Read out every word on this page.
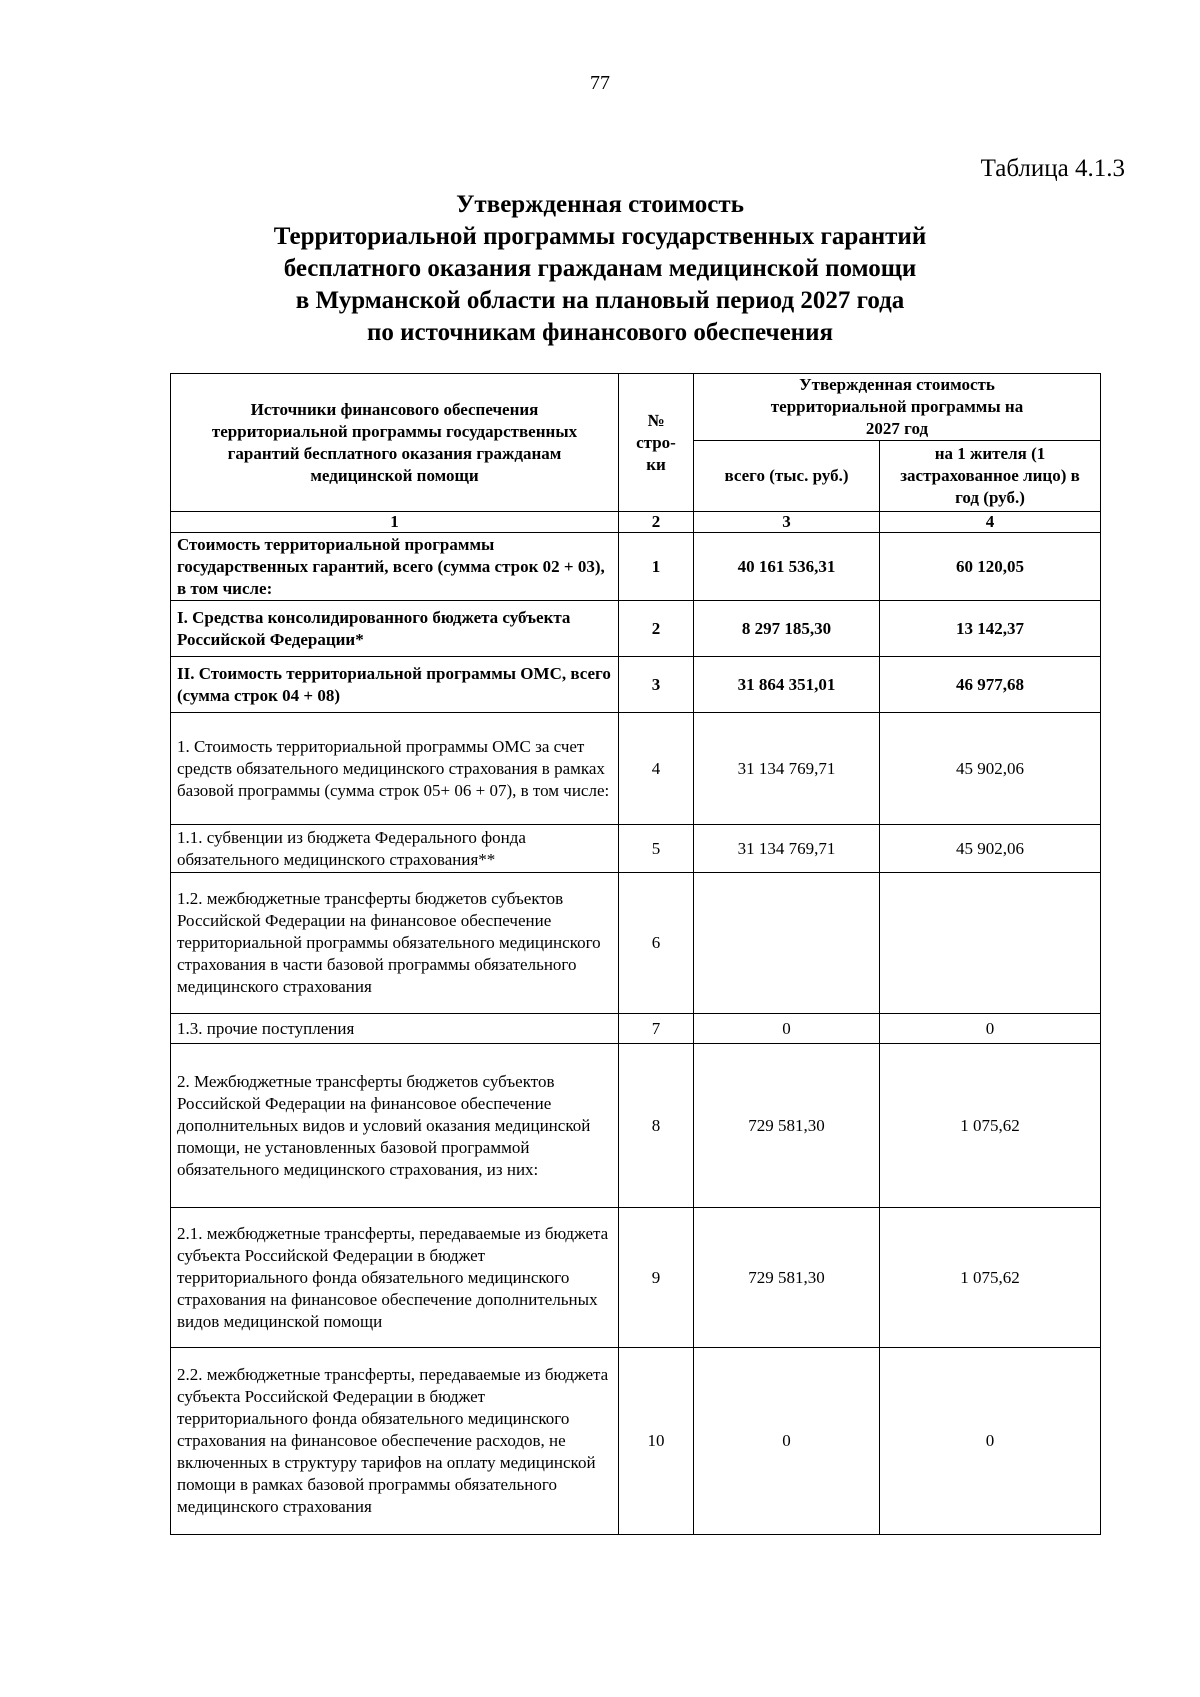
77
Таблица 4.1.3
Утвержденная стоимость
Территориальной программы государственных гарантий
бесплатного оказания гражданам медицинской помощи
в Мурманской области на плановый период 2027 года
по источникам финансового обеспечения
Источники финансового обеспечения территориальной программы государственных гарантий бесплатного оказания гражданам медицинской помощи	№ стро-ки	Утвержденная стоимость территориальной программы на 2027 год	
		всего (тыс. руб.)	на 1 жителя (1 застрахованное лицо) в год (руб.)
1	2	3	4
Стоимость территориальной программы государственных гарантий, всего (сумма строк 02 + 03), в том числе:	1	40 161 536,31	60 120,05
I. Средства консолидированного бюджета субъекта Российской Федерации*	2	8 297 185,30	13 142,37
II. Стоимость территориальной программы ОМС, всего (сумма строк 04 + 08)	3	31 864 351,01	46 977,68
1. Стоимость территориальной программы ОМС за счет средств обязательного медицинского страхования в рамках базовой программы (сумма строк 05+ 06 + 07), в том числе:	4	31 134 769,71	45 902,06
1.1. субвенции из бюджета Федерального фонда обязательного медицинского страхования**	5	31 134 769,71	45 902,06
1.2. межбюджетные трансферты бюджетов субъектов Российской Федерации на финансовое обеспечение территориальной программы обязательного медицинского страхования в части базовой программы обязательного медицинского страхования	6		
1.3. прочие поступления	7	0	0
2. Межбюджетные трансферты бюджетов субъектов Российской Федерации на финансовое обеспечение дополнительных видов и условий оказания медицинской помощи, не установленных базовой программой обязательного медицинского страхования, из них:	8	729 581,30	1 075,62
2.1. межбюджетные трансферты, передаваемые из бюджета субъекта Российской Федерации в бюджет территориального фонда обязательного медицинского страхования на финансовое обеспечение дополнительных видов медицинской помощи	9	729 581,30	1 075,62
2.2. межбюджетные трансферты, передаваемые из бюджета субъекта Российской Федерации в бюджет территориального фонда обязательного медицинского страхования на финансовое обеспечение расходов, не включенных в структуру тарифов на оплату медицинской помощи в рамках базовой программы обязательного медицинского страхования	10	0	0
